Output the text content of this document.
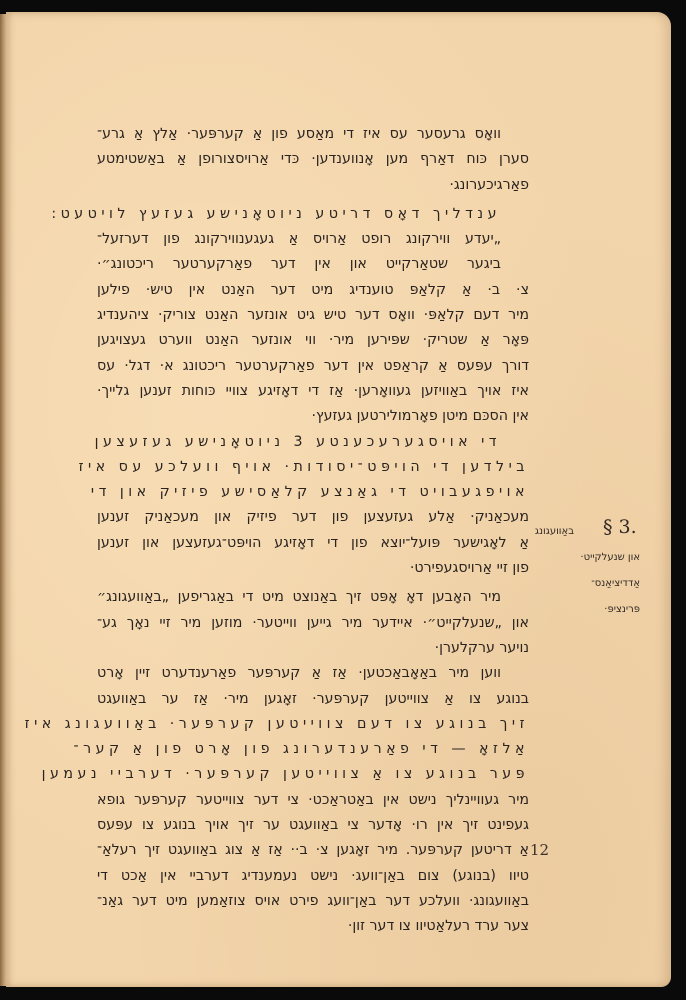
וואָס גרעסער עס איז די מאַסע פון אַ קערפּער· אַלץ אַ גרע־
סערן כּוח דאַרף מען אָנווענדען· כּדי אַרויסצורופן אַ באַשטימטע
פאַרגיכערונג·
ענדליך דאָס דריטע ניוטאָנישע געזעץ לויטעט:
„יעדע ווירקונג רופט אַרויס אַ געגענווירקונג פון דערזעל־
ביגער שטאַרקייט און אין דער פאַרקערטער ריכטונג״·
צ· ב· אַ קלאַפּ טוענדיג מיט דער האַנט אין טיש· פילען
מיר דעם קלאַפּ· וואָס דער טיש גיט אונזער האַנט צוריק· ציהענדיג
פּאָר אַ שטריק· שפּירען מיר· ווי אונזער האַנט ווערט געצויגען
דורך עפּעס אַ קראַפט אין דער פאַרקערטער ריכטונג א· דגל· עס
איז אויך באַוויזען געוואָרען· אַז די דאָזיגע צוויי כּוחות זענען גלייך·
אין הסכּם מיטן פאָרמולירטען געזעץ·
די אויסגערעכענטע 3 ניוטאָנישע געזעצען
בילדען די הויפּט־יסודות· אויף וועלכע עס איז
אויפגעבויט די גאַנצע קלאַסישע פיזיק און די
מעכאַניק· אַלע געזעצען פון דער פיזיק און מעכאַניק זענען
אַ לאָגישער פּועל־יוצא פון די דאָזיגע הויפּט־געזעצען און זענען
פון זיי אַרויסגעפירט·
מיר האָבען דאָ אָפּט זיך באַנוצט מיט די באַגריפען „באַוועגונג״
און „שנעלקייט״· איידער מיר גייען ווייטער· מוזען מיר זיי נאָך גע־
נויער ערקלערן·
ווען מיר באַאָבאַכטען· אַז אַ קערפּער פאַרענדערט זיין אָרט
בנוגע צו אַ צווייטען קערפּער· זאָגען מיר· אַז ער באַוועגט
זיך בנוגע צו דעם צווייטען קערפּער· באַוועגונג איז
אַלזאָ — די פאַרענדערונג פון אָרט פון אַ קער־
פּער בנוגע צו אַ צווייטען קערפּער· דערביי נעמען
מיר געוויינליך נישט אין באַטראַכט· צי דער צווייטער קערפּער גופא
געפינט זיך אין רו· אָדער צי באַוועגט ער זיך אויך בנוגע צו עפּעס
אַ דריטען קערפּער. מיר זאָגען צ· ב·· אַז אַ צוג באַוועגט זיך רעלאַ־
טיוו (בנוגע) צום באַן־וועג· נישט נעמענדיג דערביי אין אַכט די
באַוועגונג· וועלכע דער באַן־וועג פירט אויס צוזאַמען מיט דער גאַנ־
צער ערד רעלאַטיוו צו דער זון·
§ 3.
באַוועגונג
און שנעלקייט·
אַדדיציאַנס־
פּרינציפּ·
12
